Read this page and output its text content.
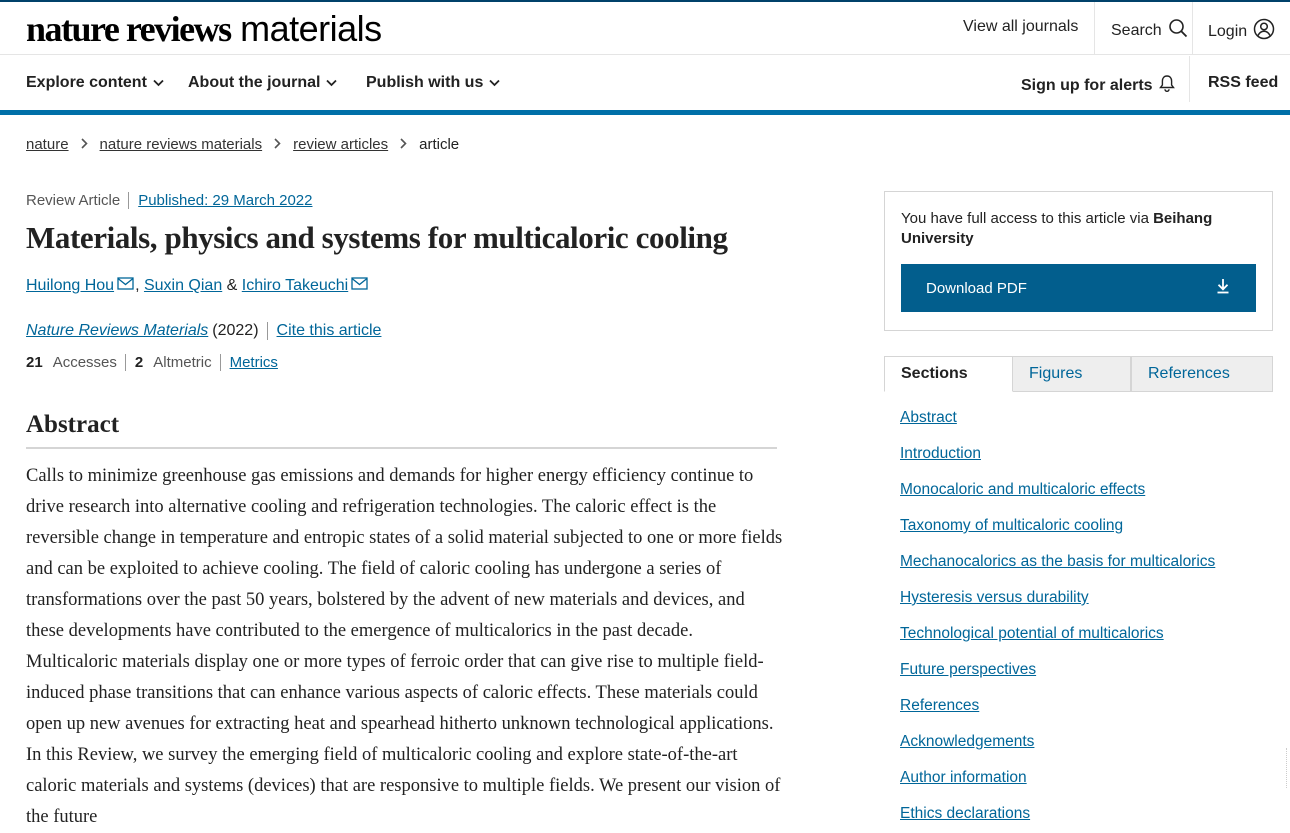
nature reviews materials	View all journals Search	Login
Explore content	About the journal	Publish with us	Sign up for alerts	RSS feed
nature nature reviews materials review articles article
Review Article	Published: 29 March 2022
Materials, physics and systems for multicaloric cooling
Huilong Hou , Suxin Qian & Ichiro Takeuchi
Nature Reviews Materials (2022)	Cite this article
21 Accesses	2 Altmetric	Metrics
Abstract

Calls to minimize greenhouse gas emissions and demands for higher energy efficiency continue to drive research into alternative cooling and refrigeration technologies. The caloric effect is the reversible change in temperature and entropic states of a solid material subjected to one or more fields and can be exploited to achieve cooling. The field of caloric cooling has undergone a series of transformations over the past 50 years, bolstered by the advent of new materials and devices, and these developments have contributed to the emergence of multicalorics in the past decade. Multicaloric materials display one or more types of ferroic order that can give rise to multiple field-induced phase transitions that can enhance various aspects of caloric effects. These materials could open up new avenues for extracting heat and spearhead hitherto unknown technological applications. In this Review, we survey the emerging field of multicaloric cooling and explore state-of-the-art caloric materials and systems (devices) that are responsive to multiple fields. We present our vision of the future

You have full access to this article via Beihang University
Download PDF
Sections	Figures	References
Abstract
Introduction
Monocaloric and multicaloric effects
Taxonomy of multicaloric cooling
Mechanocalorics as the basis for multicalorics
Hysteresis versus durability
Technological potential of multicalorics
Future perspectives
References
Acknowledgements
Author information
Ethics declarations
